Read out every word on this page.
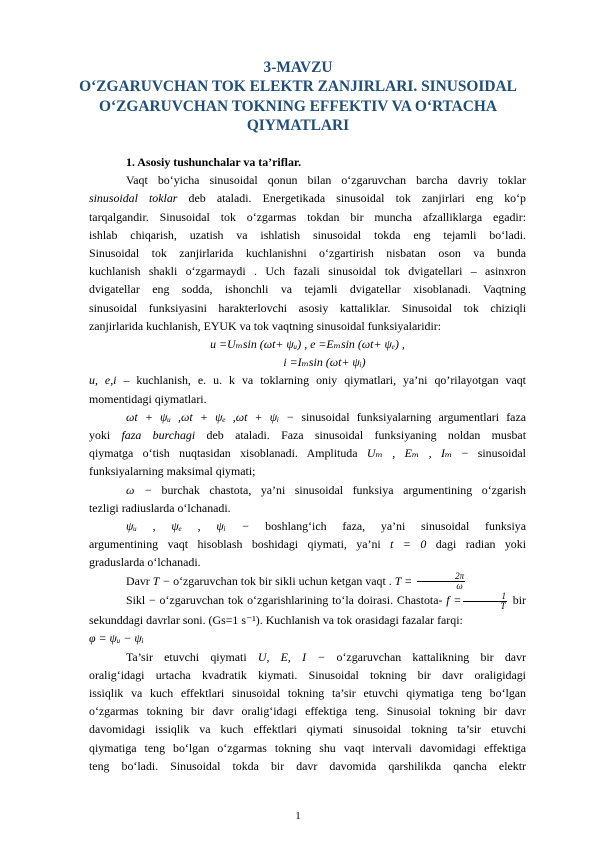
3-MAVZU
O‘ZGARUVCHAN TOK ELEKTR ZANJIRLARI. SINUSOIDAL
O‘ZGARUVCHAN TOKNING EFFEKTIV VA O‘RTACHA
QIYMATLARI

1. Asosiy tushunchalar va ta’riflar.

Vaqt bo‘yicha sinusoidal qonun bilan o‘zgaruvchan barcha davriy toklar
sinusoidal toklar deb ataladi. Energetikada sinusoidal tok zanjirlari eng ko‘p
tarqalgandir. Sinusoidal tok o‘zgarmas tokdan bir muncha afzalliklarga egadir:
ishlab chiqarish, uzatish va ishlatish sinusoidal tokda eng tejamli bo‘ladi.
Sinusoidal tok zanjirlarida kuchlanishni o‘zgartirish nisbatan oson va bunda
kuchlanish shakli o‘zgarmaydi . Uch fazali sinusoidal tok dvigatellari – asinxron
dvigatellar eng sodda, ishonchli va tejamli dvigatellar xisoblanadi. Vaqtning
sinusoidal funksiyasini harakterlovchi asosiy kattaliklar. Sinusoidal tok chiziqli
zanjirlarida kuchlanish, EYUK va tok vaqtning sinusoidal funksiyalaridir:

u =Uₘsin (ωt+ ψᵤ) , e =Eₘsin (ωt+ ψₑ) ,

i =Iₘsin (ωt+ ψᵢ)

u, e,i – kuchlanish, e. u. k va toklarning oniy qiymatlari, ya’ni qo’rilayotgan vaqt
momentidagi qiymatlari.

ωt + ψᵤ ,ωt + ψₑ ,ωt + ψᵢ − sinusoidal funksiyalarning argumentlari faza
yoki faza burchagi deb ataladi. Faza sinusoidal funksiyaning noldan musbat
qiymatga o‘tish nuqtasidan xisoblanadi. Amplituda Uₘ , Eₘ , Iₘ − sinusoidal
funksiyalarning maksimal qiymati;

ω − burchak chastota, ya’ni sinusoidal funksiya argumentining o‘zgarish
tezligi radiuslarda o‘lchanadi.

ψᵤ , ψₑ , ψᵢ − boshlang‘ich faza, ya’ni sinusoidal funksiya
argumentining vaqt hisoblash boshidagi qiymati, ya’ni t = 0 dagi radian yoki
graduslarda o‘lchanadi.

Davr T − o‘zgaruvchan tok bir sikli uchun ketgan vaqt . $T = \frac{2\pi}{\omega}$

Sikl − o‘zgaruvchan tok o‘zgarishlarining to‘la doirasi. Chastota- $f = \frac{1}{T}$ bir
sekunddagi davrlar soni. (Gs=1 s⁻¹). Kuchlanish va tok orasidagi fazalar farqi:

φ = ψᵤ − ψᵢ

Ta’sir etuvchi qiymati U, E, I − o‘zgaruvchan kattalikning bir davr
oralig‘idagi urtacha kvadratik kiymati. Sinusoidal tokning bir davr oraligidagi
issiqlik va kuch effektlari sinusoidal tokning ta’sir etuvchi qiymatiga teng bo‘lgan
o‘zgarmas tokning bir davr oralig‘idagi effektiga teng. Sinusoial tokning bir davr
davomidagi issiqlik va kuch effektlari qiymati sinusoidal tokning ta’sir etuvchi
qiymatiga teng bo‘lgan o‘zgarmas tokning shu vaqt intervali davomidagi effektiga
teng bo‘ladi. Sinusoidal tokda bir davr davomida qarshilikda qancha elektr

1
